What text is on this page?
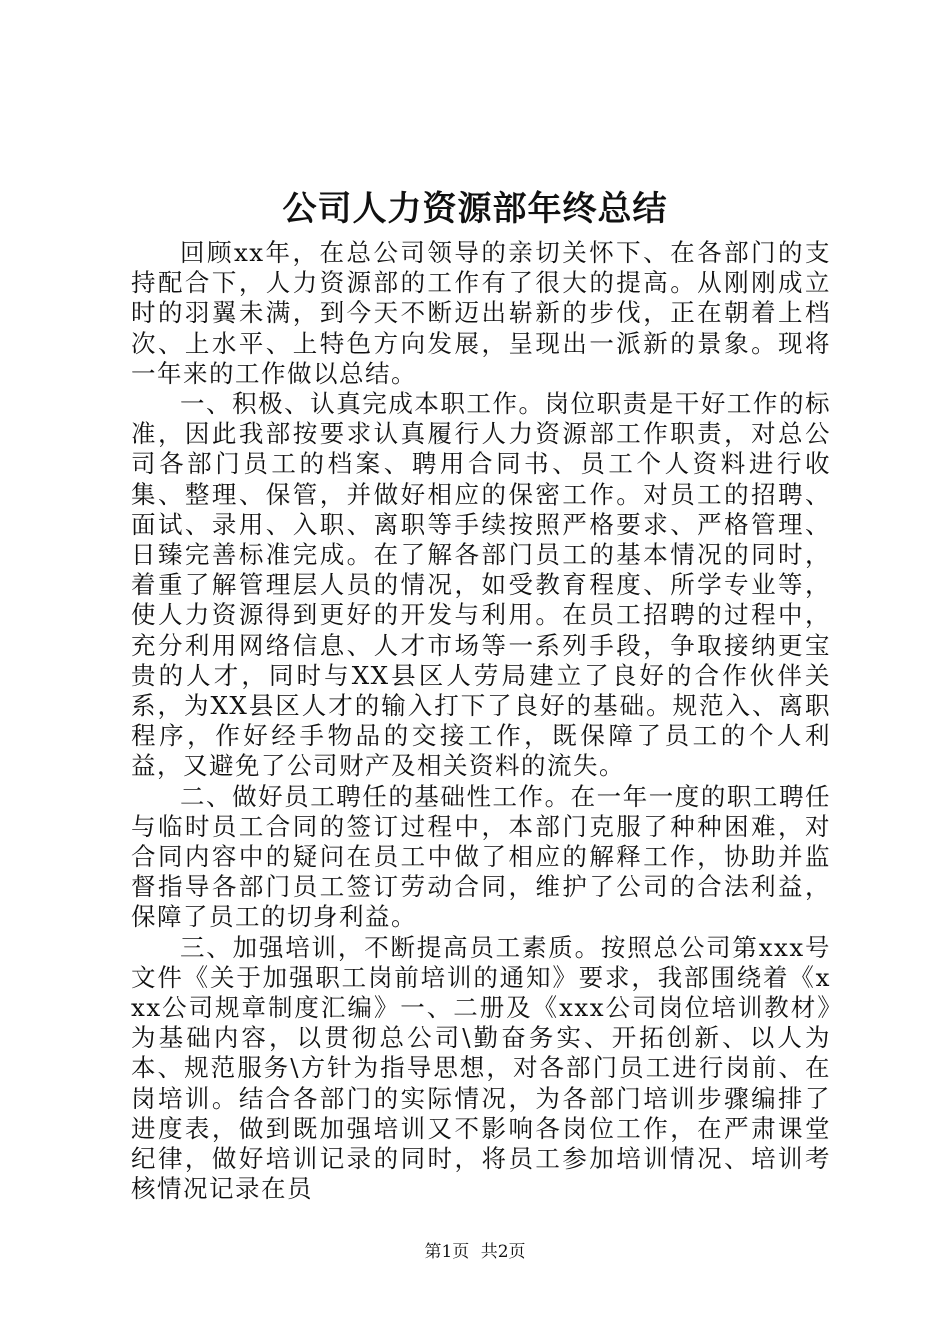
公司人力资源部年终总结

回顾xx年，在总公司领导的亲切关怀下、在各部门的支持配合下，人力资源部的工作有了很大的提高。从刚刚成立时的羽翼未满，到今天不断迈出崭新的步伐，正在朝着上档次、上水平、上特色方向发展，呈现出一派新的景象。现将一年来的工作做以总结。

一、积极、认真完成本职工作。岗位职责是干好工作的标准，因此我部按要求认真履行人力资源部工作职责，对总公司各部门员工的档案、聘用合同书、员工个人资料进行收集、整理、保管，并做好相应的保密工作。对员工的招聘、面试、录用、入职、离职等手续按照严格要求、严格管理、日臻完善标准完成。在了解各部门员工的基本情况的同时，着重了解管理层人员的情况，如受教育程度、所学专业等，使人力资源得到更好的开发与利用。在员工招聘的过程中，充分利用网络信息、人才市场等一系列手段，争取接纳更宝贵的人才，同时与XX县区人劳局建立了良好的合作伙伴关系，为XX县区人才的输入打下了良好的基础。规范入、离职程序，作好经手物品的交接工作，既保障了员工的个人利益，又避免了公司财产及相关资料的流失。

二、做好员工聘任的基础性工作。在一年一度的职工聘任与临时员工合同的签订过程中，本部门克服了种种困难，对合同内容中的疑问在员工中做了相应的解释工作，协助并监督指导各部门员工签订劳动合同，维护了公司的合法利益，保障了员工的切身利益。

三、加强培训，不断提高员工素质。按照总公司第xxx号文件《关于加强职工岗前培训的通知》要求，我部围绕着《xxx公司规章制度汇编》一、二册及《xxx公司岗位培训教材》为基础内容，以贯彻总公司\勤奋务实、开拓创新、以人为本、规范服务\方针为指导思想，对各部门员工进行岗前、在岗培训。结合各部门的实际情况，为各部门培训步骤编排了进度表，做到既加强培训又不影响各岗位工作，在严肃课堂纪律，做好培训记录的同时，将员工参加培训情况、培训考核情况记录在员

第1页 共2页
